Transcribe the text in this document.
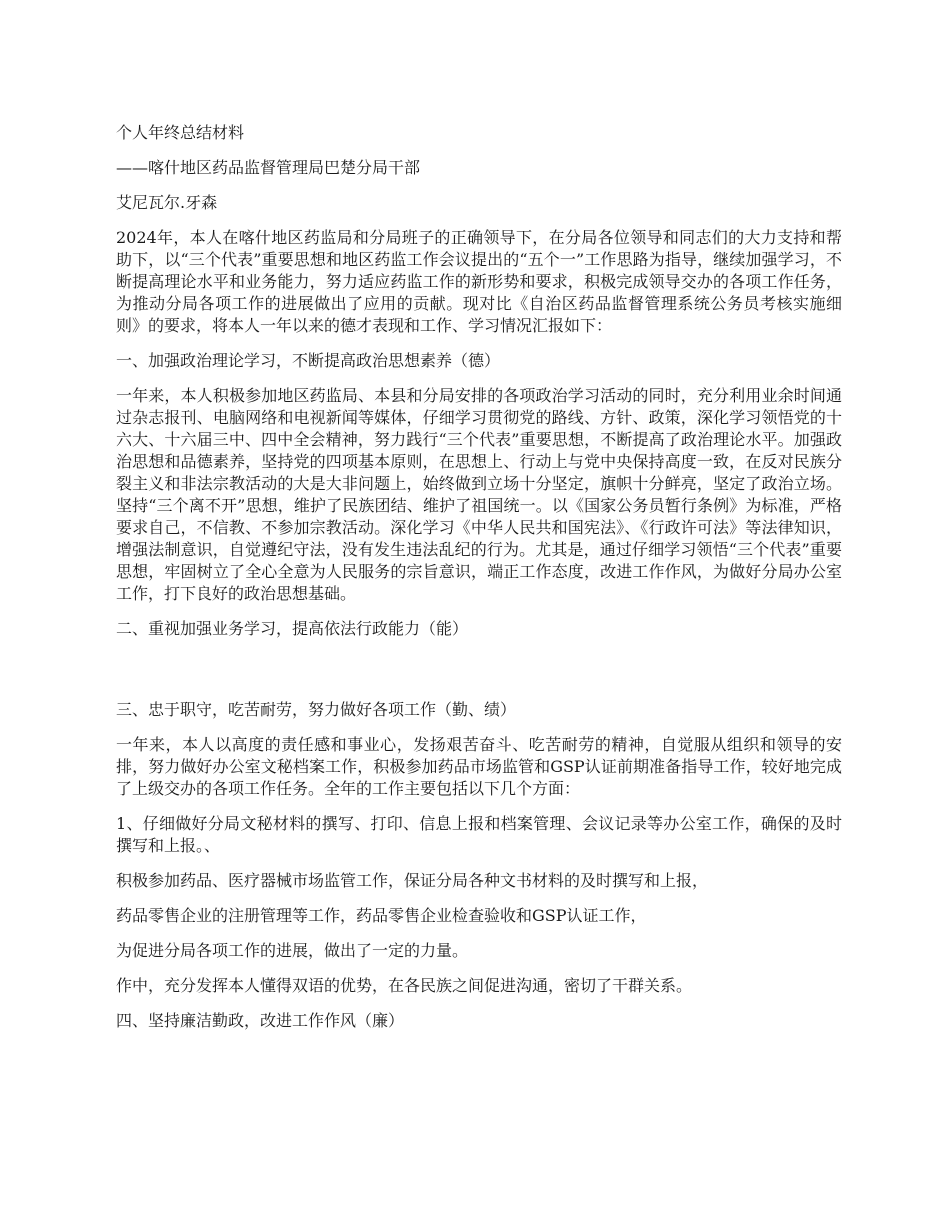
个人年终总结材料

——喀什地区药品监督管理局巴楚分局干部

艾尼瓦尔.牙森

2024年，本人在喀什地区药监局和分局班子的正确领导下，在分局各位领导和同志们的大力支持和帮助下，以“三个代表”重要思想和地区药监工作会议提出的“五个一”工作思路为指导，继续加强学习，不断提高理论水平和业务能力，努力适应药监工作的新形势和要求，积极完成领导交办的各项工作任务，为推动分局各项工作的进展做出了应用的贡献。现对比《自治区药品监督管理系统公务员考核实施细则》的要求，将本人一年以来的德才表现和工作、学习情况汇报如下：

一、加强政治理论学习，不断提高政治思想素养（德）

一年来，本人积极参加地区药监局、本县和分局安排的各项政治学习活动的同时，充分利用业余时间通过杂志报刊、电脑网络和电视新闻等媒体，仔细学习贯彻党的路线、方针、政策，深化学习领悟党的十六大、十六届三中、四中全会精神，努力践行“三个代表”重要思想，不断提高了政治理论水平。加强政治思想和品德素养，坚持党的四项基本原则，在思想上、行动上与党中央保持高度一致，在反对民族分裂主义和非法宗教活动的大是大非问题上，始终做到立场十分坚定，旗帜十分鲜亮，坚定了政治立场。坚持“三个离不开”思想，维护了民族团结、维护了祖国统一。以《国家公务员暂行条例》为标准，严格要求自己，不信教、不参加宗教活动。深化学习《中华人民共和国宪法》、《行政许可法》等法律知识，增强法制意识，自觉遵纪守法，没有发生违法乱纪的行为。尤其是，通过仔细学习领悟“三个代表”重要思想，牢固树立了全心全意为人民服务的宗旨意识，端正工作态度，改进工作作风，为做好分局办公室工作，打下良好的政治思想基础。

二、重视加强业务学习，提高依法行政能力（能）

三、忠于职守，吃苦耐劳，努力做好各项工作（勤、绩）

一年来，本人以高度的责任感和事业心，发扬艰苦奋斗、吃苦耐劳的精神，自觉服从组织和领导的安排，努力做好办公室文秘档案工作，积极参加药品市场监管和GSP认证前期准备指导工作，较好地完成了上级交办的各项工作任务。全年的工作主要包括以下几个方面：

1、仔细做好分局文秘材料的撰写、打印、信息上报和档案管理、会议记录等办公室工作，确保的及时撰写和上报。、

积极参加药品、医疗器械市场监管工作，保证分局各种文书材料的及时撰写和上报，

药品零售企业的注册管理等工作，药品零售企业检查验收和GSP认证工作，

为促进分局各项工作的进展，做出了一定的力量。

作中，充分发挥本人懂得双语的优势，在各民族之间促进沟通，密切了干群关系。

四、坚持廉洁勤政，改进工作作风（廉）
